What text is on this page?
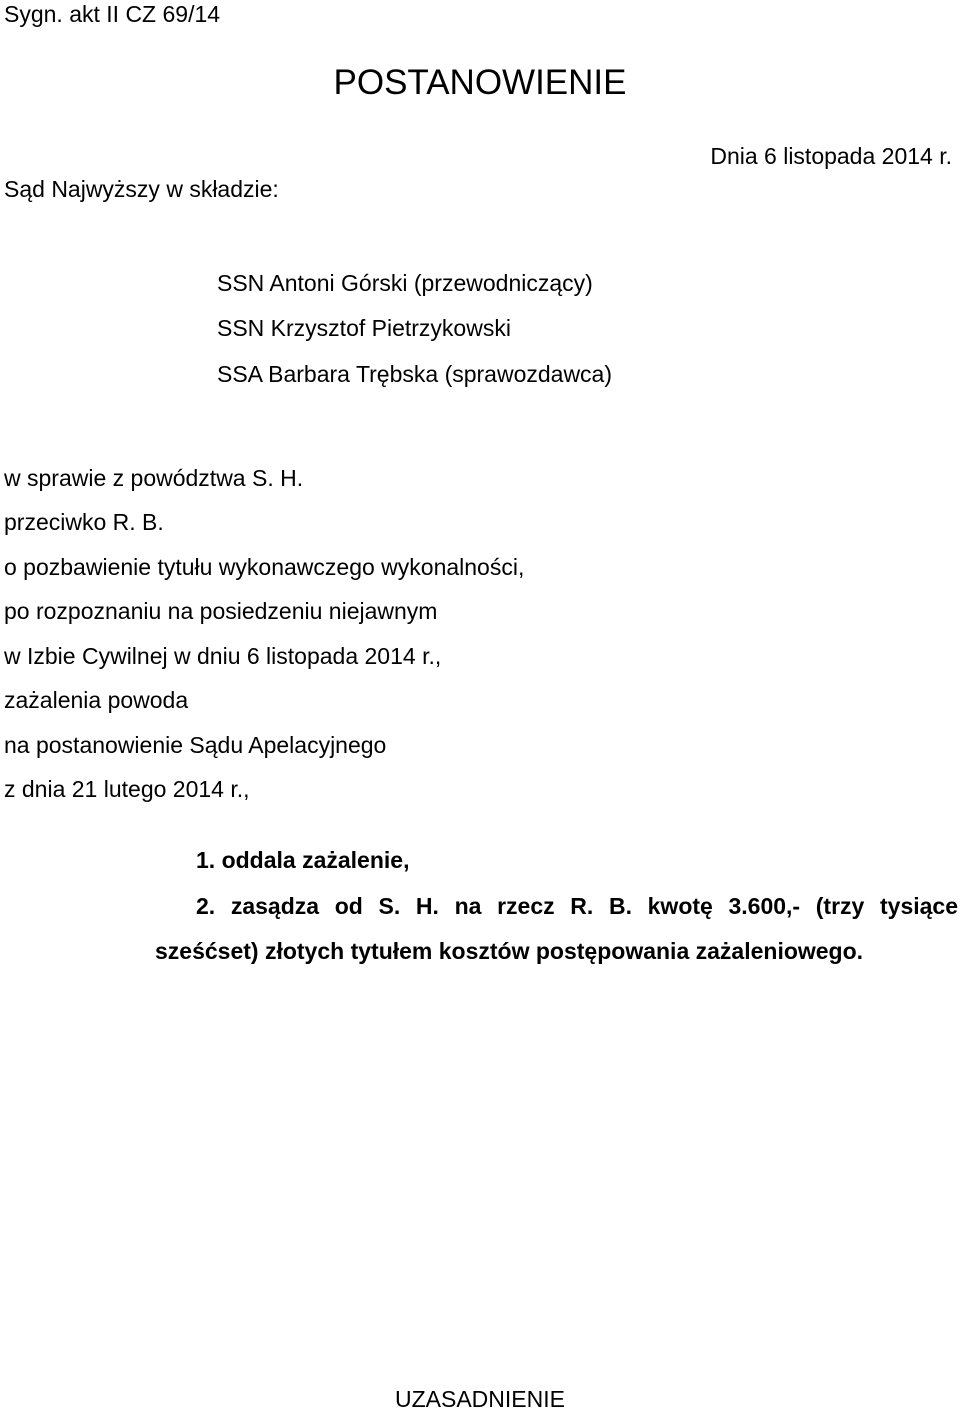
Sygn. akt II CZ 69/14
POSTANOWIENIE
Dnia 6 listopada 2014 r.
Sąd Najwyższy w składzie:
SSN Antoni Górski (przewodniczący)
SSN Krzysztof Pietrzykowski
SSA Barbara Trębska (sprawozdawca)
w sprawie z powództwa S. H.
przeciwko R. B.
o pozbawienie tytułu wykonawczego wykonalności,
po rozpoznaniu na posiedzeniu niejawnym
w Izbie Cywilnej w dniu 6 listopada 2014 r.,
zażalenia powoda
na postanowienie Sądu Apelacyjnego
z dnia 21 lutego 2014 r.,
1. oddala zażalenie,
2. zasądza od S. H. na rzecz R. B. kwotę 3.600,- (trzy tysiące
sześćset) złotych tytułem kosztów postępowania zażaleniowego.
UZASADNIENIE
